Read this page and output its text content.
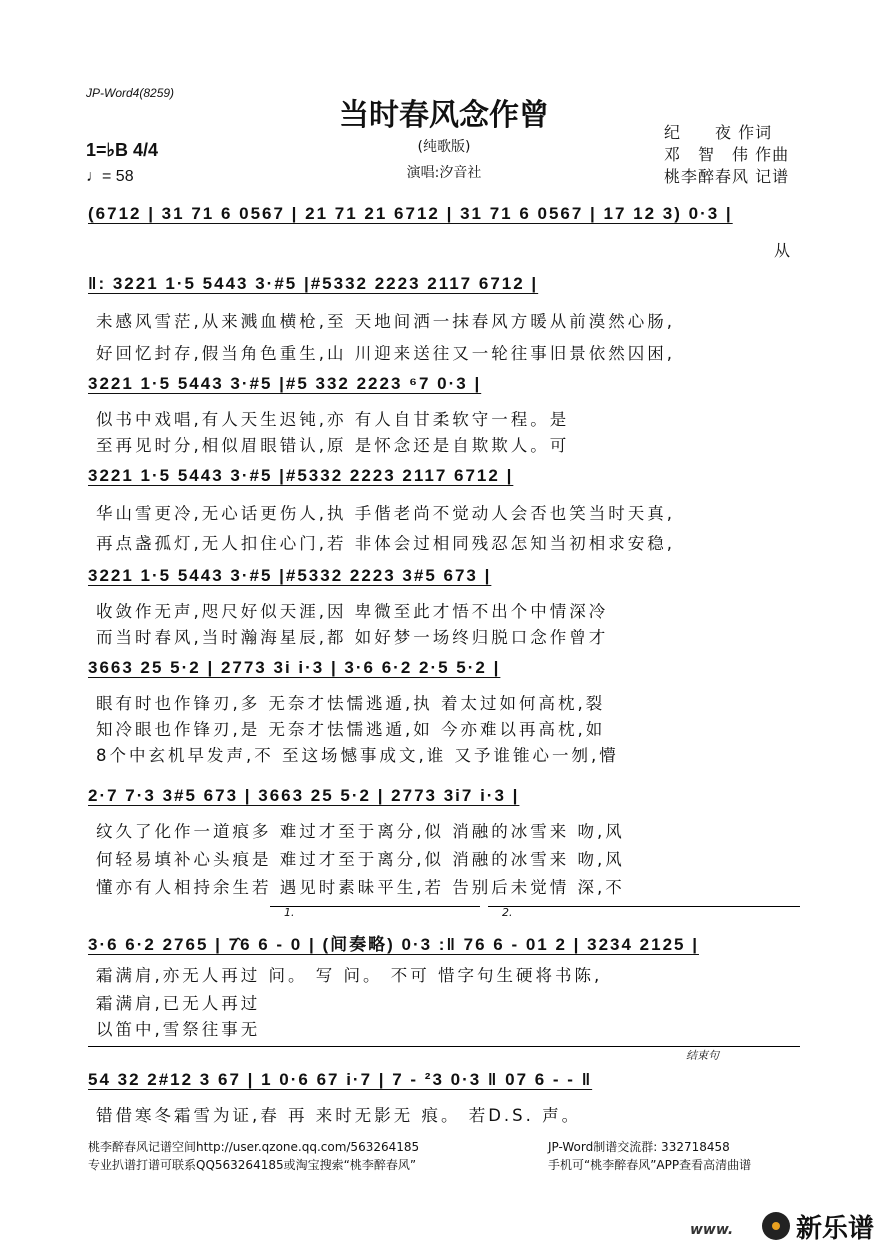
JP-Word4(8259)
当时春风念作曾
(纯歌版)
演唱:汐音社
1=♭B 4/4
♩= 58
纪　　夜 作词
邓　智　伟 作曲
桃李醉春风 记谱
(6712 | 31 71 6 0567 | 21 71 21 6712 | 31 71 6 0567 | 17 12 3) 0·3 |
从
‖: 3221 1·5 5443 3·#5 |#5332 2223 2117 6712 |
未感风雪茫,从来溅血横枪,至 天地间洒一抹春风方暖从前漠然心肠,
好回忆封存,假当角色重生,山 川迎来送往又一轮往事旧景依然囚困,
3221 1·5 5443 3·#5 |#5 332 2223 ⁶7 0·3 |
似书中戏唱,有人天生迟钝,亦 有人自甘柔软守一程。是
至再见时分,相似眉眼错认,原 是怀念还是自欺欺人。可
3221 1·5 5443 3·#5 |#5332 2223 2117 6712 |
华山雪更冷,无心话更伤人,执 手偕老尚不觉动人会否也笑当时天真,
再点盏孤灯,无人扣住心门,若 非体会过相同残忍怎知当初相求安稳,
3221 1·5 5443 3·#5 |#5332 2223 3#5 673 |
收敛作无声,咫尺好似天涯,因 卑微至此才悟不出个中情深冷
而当时春风,当时瀚海星辰,都 如好梦一场终归脱口念作曾才
3663 25 5·2 | 2773 3i i·3 | 3·6 6·2 2·5 5·2 |
眼有时也作锋刃,多 无奈才怯懦逃遁,执 着太过如何高枕,裂
知冷眼也作锋刃,是 无奈才怯懦逃遁,如 今亦难以再高枕,如
8个中玄机早发声,不 至这场憾事成文,谁 又予谁锥心一刎,懵
2·7 7·3 3#5 673 | 3663 25 5·2 | 2773 3i7 i·3 |
纹久了化作一道痕多 难过才至于离分,似 消融的冰雪来 吻,风
何轻易填补心头痕是 难过才至于离分,似 消融的冰雪来 吻,风
懂亦有人相持余生若 遇见时素昧平生,若 告别后未觉情 深,不
1.	2.
3·6 6·2 2765 | 7̂6 6 - 0 | (间奏略) 0·3 :‖ 76 6 - 01 2 | 3234 2125 |
霜满肩,亦无人再过 问。 写 问。 不可 惜字句生硬将书陈,
霜满肩,已无人再过
以笛中,雪祭往事无
结束句
54 32 2#12 3 67 | 1 0·6 67 i·7 | 7 - ²3 0·3 ‖ 07 6 - - ‖
错借寒冬霜雪为证,春 再 来时无影无 痕。 若D.S. 声。
桃李醉春风记谱空间http://user.qzone.qq.com/563264185
专业扒谱打谱可联系QQ563264185或淘宝搜索“桃李醉春风”
JP-Word制谱交流群: 332718458
手机可“桃李醉春风”APP查看高清曲谱
www. 新乐谱
